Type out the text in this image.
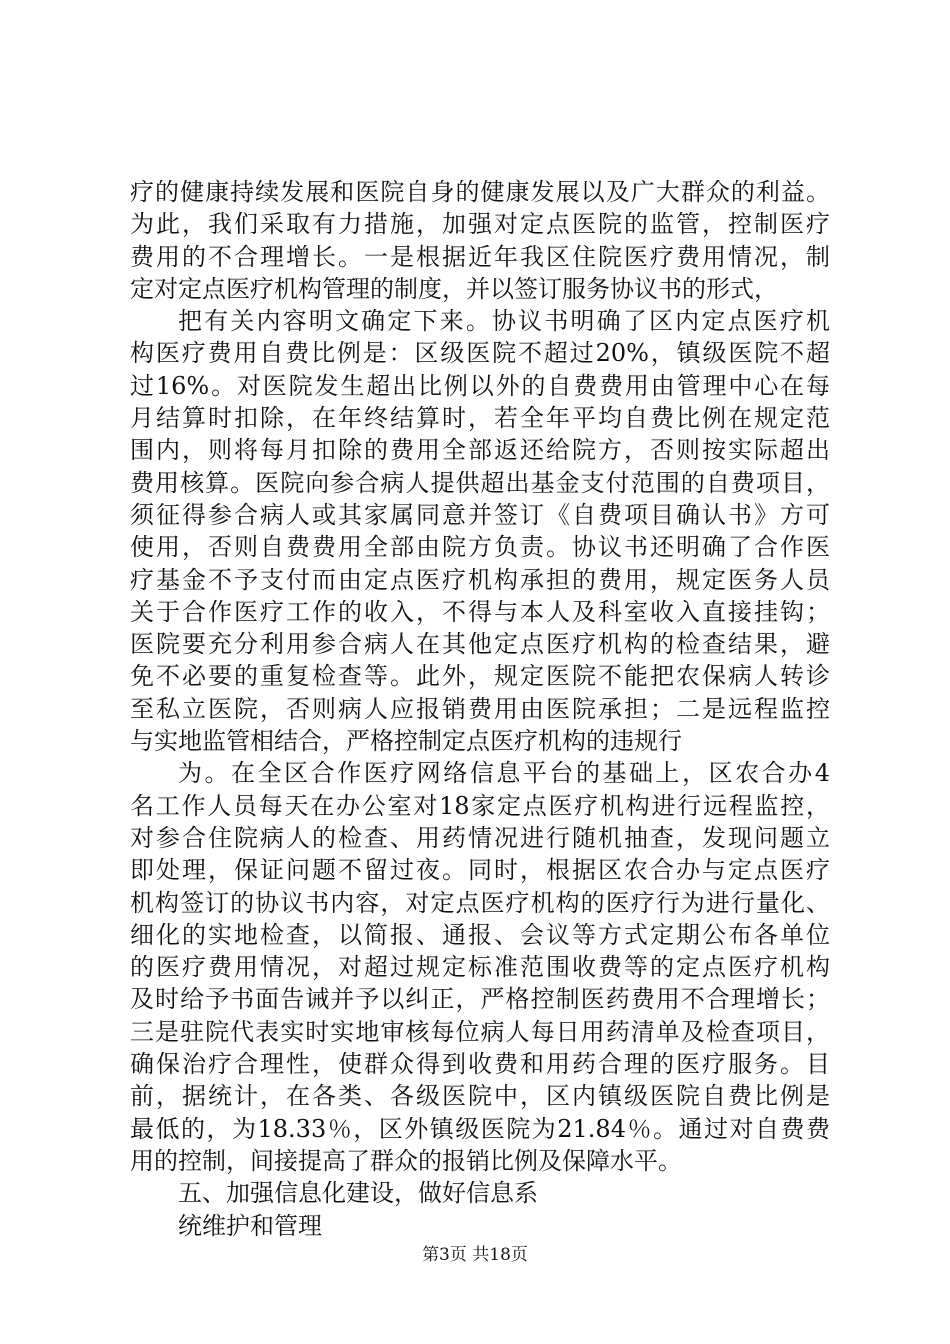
疗的健康持续发展和医院自身的健康发展以及广大群众的利益。
为此，我们采取有力措施，加强对定点医院的监管，控制医疗
费用的不合理增长。一是根据近年我区住院医疗费用情况，制
定对定点医疗机构管理的制度，并以签订服务协议书的形式，
把有关内容明文确定下来。协议书明确了区内定点医疗机
构医疗费用自费比例是：区级医院不超过20%，镇级医院不超
过16%。对医院发生超出比例以外的自费费用由管理中心在每
月结算时扣除，在年终结算时，若全年平均自费比例在规定范
围内，则将每月扣除的费用全部返还给院方，否则按实际超出
费用核算。医院向参合病人提供超出基金支付范围的自费项目，
须征得参合病人或其家属同意并签订《自费项目确认书》方可
使用，否则自费费用全部由院方负责。协议书还明确了合作医
疗基金不予支付而由定点医疗机构承担的费用，规定医务人员
关于合作医疗工作的收入，不得与本人及科室收入直接挂钩；
医院要充分利用参合病人在其他定点医疗机构的检查结果，避
免不必要的重复检查等。此外，规定医院不能把农保病人转诊
至私立医院，否则病人应报销费用由医院承担；二是远程监控
与实地监管相结合，严格控制定点医疗机构的违规行
为。在全区合作医疗网络信息平台的基础上，区农合办4
名工作人员每天在办公室对18家定点医疗机构进行远程监控，
对参合住院病人的检查、用药情况进行随机抽查，发现问题立
即处理，保证问题不留过夜。同时，根据区农合办与定点医疗
机构签订的协议书内容，对定点医疗机构的医疗行为进行量化、
细化的实地检查，以简报、通报、会议等方式定期公布各单位
的医疗费用情况，对超过规定标准范围收费等的定点医疗机构
及时给予书面告诫并予以纠正，严格控制医药费用不合理增长；
三是驻院代表实时实地审核每位病人每日用药清单及检查项目，
确保治疗合理性，使群众得到收费和用药合理的医疗服务。目
前，据统计，在各类、各级医院中，区内镇级医院自费比例是
最低的，为18.33％，区外镇级医院为21.84％。通过对自费费
用的控制，间接提高了群众的报销比例及保障水平。
五、加强信息化建设，做好信息系
统维护和管理
第3页 共18页
